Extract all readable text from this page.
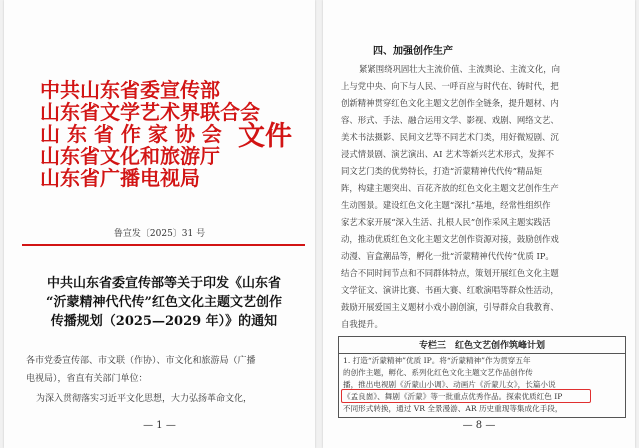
中共山东省委宣传部
山东省文学艺术界联合会
山 东 省 作 家 协 会
山东省文化和旅游厅
山东省广播电视局
文件
鲁宣发〔2025〕31 号
中共山东省委宣传部等关于印发《山东省
“沂蒙精神代代传”红色文化主题文艺创作
传播规划（2025—2029 年）》的通知
各市党委宣传部、市文联（作协）、市文化和旅游局（广播
电视局），省直有关部门单位：
为深入贯彻落实习近平文化思想，大力弘扬革命文化，
— 1 —
四、加强创作生产
紧紧围绕巩固壮大主流价值、主流舆论、主流文化，向
上与党中央、向下与人民、一呼百应与时代在、铸时代，把
创新精神贯穿红色文化主题文艺创作全链条，提升题材、内
容、形式、手法、融合运用文学、影视、戏剧、网络文艺、
美术书法摄影、民间文艺等不同艺术门类，用好微短剧、沉
浸式情景剧、演艺演出、AI 艺术等新兴艺术形式，发挥不
同文艺门类的优势特长，打造“沂蒙精神代代传”精品矩
阵，构建主题突出、百花齐放的红色文化主题文艺创作生产
生动图景。建设红色文化主题“深扎”基地，经常性组织作
家艺术家开展“深入生活、扎根人民”创作采风主题实践活
动，推动优质红色文化主题文艺创作资源对接，鼓励创作戏
动漫、盲盒潮品等，孵化一批“沂蒙精神代代传”优质 IP。
结合不同时间节点和不同群体特点，策划开展红色文化主题
文学征文、演讲比赛、书画大赛、红歌演唱等群众性活动，
鼓励开展爱国主义题材小戏小剧创演，引导群众自我教育、
自我提升。
专栏三　红色文艺创作筑峰计划
1. 打造“沂蒙精神”优质 IP。将“沂蒙精神”作为贯穿五年
的创作主题，孵化、系列化红色文化主题文艺作品创作传
播，推出电视剧《沂蒙山小调》、动画片《沂蒙儿女》，长篇小说
《孟良崮》、舞剧《沂蒙》等一批重点优秀作品。探索优质红色 IP
不同形式转换，通过 VR 全景漫游、AR 历史重现等集成化手段，
— 8 —
